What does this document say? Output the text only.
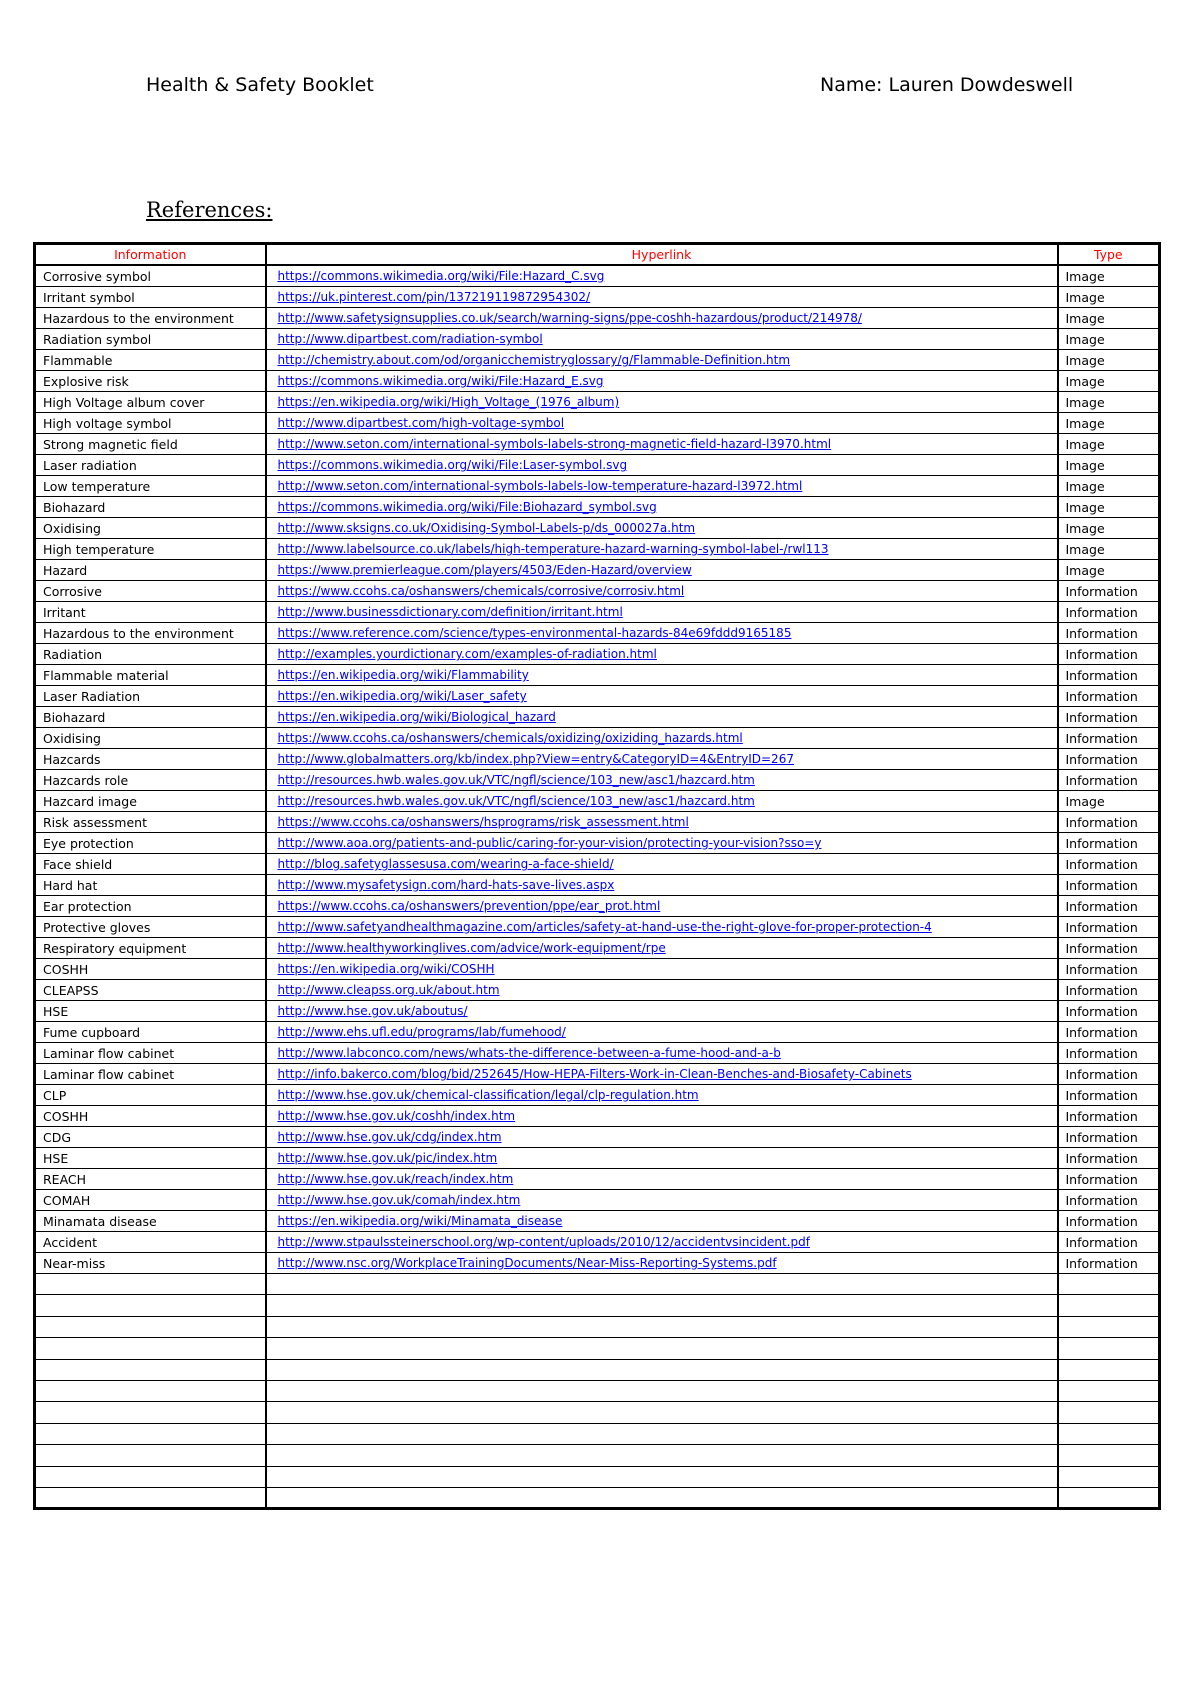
Health & Safety Booklet	Name: Lauren Dowdeswell
References:
Information	Hyperlink	Type
Corrosive symbol	https://commons.wikimedia.org/wiki/File:Hazard_C.svg	Image
Irritant symbol	https://uk.pinterest.com/pin/137219119872954302/	Image
Hazardous to the environment	http://www.safetysignsupplies.co.uk/search/warning-signs/ppe-coshh-hazardous/product/214978/	Image
Radiation symbol	http://www.dipartbest.com/radiation-symbol	Image
Flammable	http://chemistry.about.com/od/organicchemistryglossary/g/Flammable-Definition.htm	Image
Explosive risk	https://commons.wikimedia.org/wiki/File:Hazard_E.svg	Image
High Voltage album cover	https://en.wikipedia.org/wiki/High_Voltage_(1976_album)	Image
High voltage symbol	http://www.dipartbest.com/high-voltage-symbol	Image
Strong magnetic field	http://www.seton.com/international-symbols-labels-strong-magnetic-field-hazard-l3970.html	Image
Laser radiation	https://commons.wikimedia.org/wiki/File:Laser-symbol.svg	Image
Low temperature	http://www.seton.com/international-symbols-labels-low-temperature-hazard-l3972.html	Image
Biohazard	https://commons.wikimedia.org/wiki/File:Biohazard_symbol.svg	Image
Oxidising	http://www.sksigns.co.uk/Oxidising-Symbol-Labels-p/ds_000027a.htm	Image
High temperature	http://www.labelsource.co.uk/labels/high-temperature-hazard-warning-symbol-label-/rwl113	Image
Hazard	https://www.premierleague.com/players/4503/Eden-Hazard/overview	Image
Corrosive	https://www.ccohs.ca/oshanswers/chemicals/corrosive/corrosiv.html	Information
Irritant	http://www.businessdictionary.com/definition/irritant.html	Information
Hazardous to the environment	https://www.reference.com/science/types-environmental-hazards-84e69fddd9165185	Information
Radiation	http://examples.yourdictionary.com/examples-of-radiation.html	Information
Flammable material	https://en.wikipedia.org/wiki/Flammability	Information
Laser Radiation	https://en.wikipedia.org/wiki/Laser_safety	Information
Biohazard	https://en.wikipedia.org/wiki/Biological_hazard	Information
Oxidising	https://www.ccohs.ca/oshanswers/chemicals/oxidizing/oxiziding_hazards.html	Information
Hazcards	http://www.globalmatters.org/kb/index.php?View=entry&CategoryID=4&EntryID=267	Information
Hazcards role	http://resources.hwb.wales.gov.uk/VTC/ngfl/science/103_new/asc1/hazcard.htm	Information
Hazcard image	http://resources.hwb.wales.gov.uk/VTC/ngfl/science/103_new/asc1/hazcard.htm	Image
Risk assessment	https://www.ccohs.ca/oshanswers/hsprograms/risk_assessment.html	Information
Eye protection	http://www.aoa.org/patients-and-public/caring-for-your-vision/protecting-your-vision?sso=y	Information
Face shield	http://blog.safetyglassesusa.com/wearing-a-face-shield/	Information
Hard hat	http://www.mysafetysign.com/hard-hats-save-lives.aspx	Information
Ear protection	https://www.ccohs.ca/oshanswers/prevention/ppe/ear_prot.html	Information
Protective gloves	http://www.safetyandhealthmagazine.com/articles/safety-at-hand-use-the-right-glove-for-proper-protection-4	Information
Respiratory equipment	http://www.healthyworkinglives.com/advice/work-equipment/rpe	Information
COSHH	https://en.wikipedia.org/wiki/COSHH	Information
CLEAPSS	http://www.cleapss.org.uk/about.htm	Information
HSE	http://www.hse.gov.uk/aboutus/	Information
Fume cupboard	http://www.ehs.ufl.edu/programs/lab/fumehood/	Information
Laminar flow cabinet	http://www.labconco.com/news/whats-the-difference-between-a-fume-hood-and-a-b	Information
Laminar flow cabinet	http://info.bakerco.com/blog/bid/252645/How-HEPA-Filters-Work-in-Clean-Benches-and-Biosafety-Cabinets	Information
CLP	http://www.hse.gov.uk/chemical-classification/legal/clp-regulation.htm	Information
COSHH	http://www.hse.gov.uk/coshh/index.htm	Information
CDG	http://www.hse.gov.uk/cdg/index.htm	Information
HSE	http://www.hse.gov.uk/pic/index.htm	Information
REACH	http://www.hse.gov.uk/reach/index.htm	Information
COMAH	http://www.hse.gov.uk/comah/index.htm	Information
Minamata disease	https://en.wikipedia.org/wiki/Minamata_disease	Information
Accident	http://www.stpaulssteinerschool.org/wp-content/uploads/2010/12/accidentvsincident.pdf	Information
Near-miss	http://www.nsc.org/WorkplaceTrainingDocuments/Near-Miss-Reporting-Systems.pdf	Information
